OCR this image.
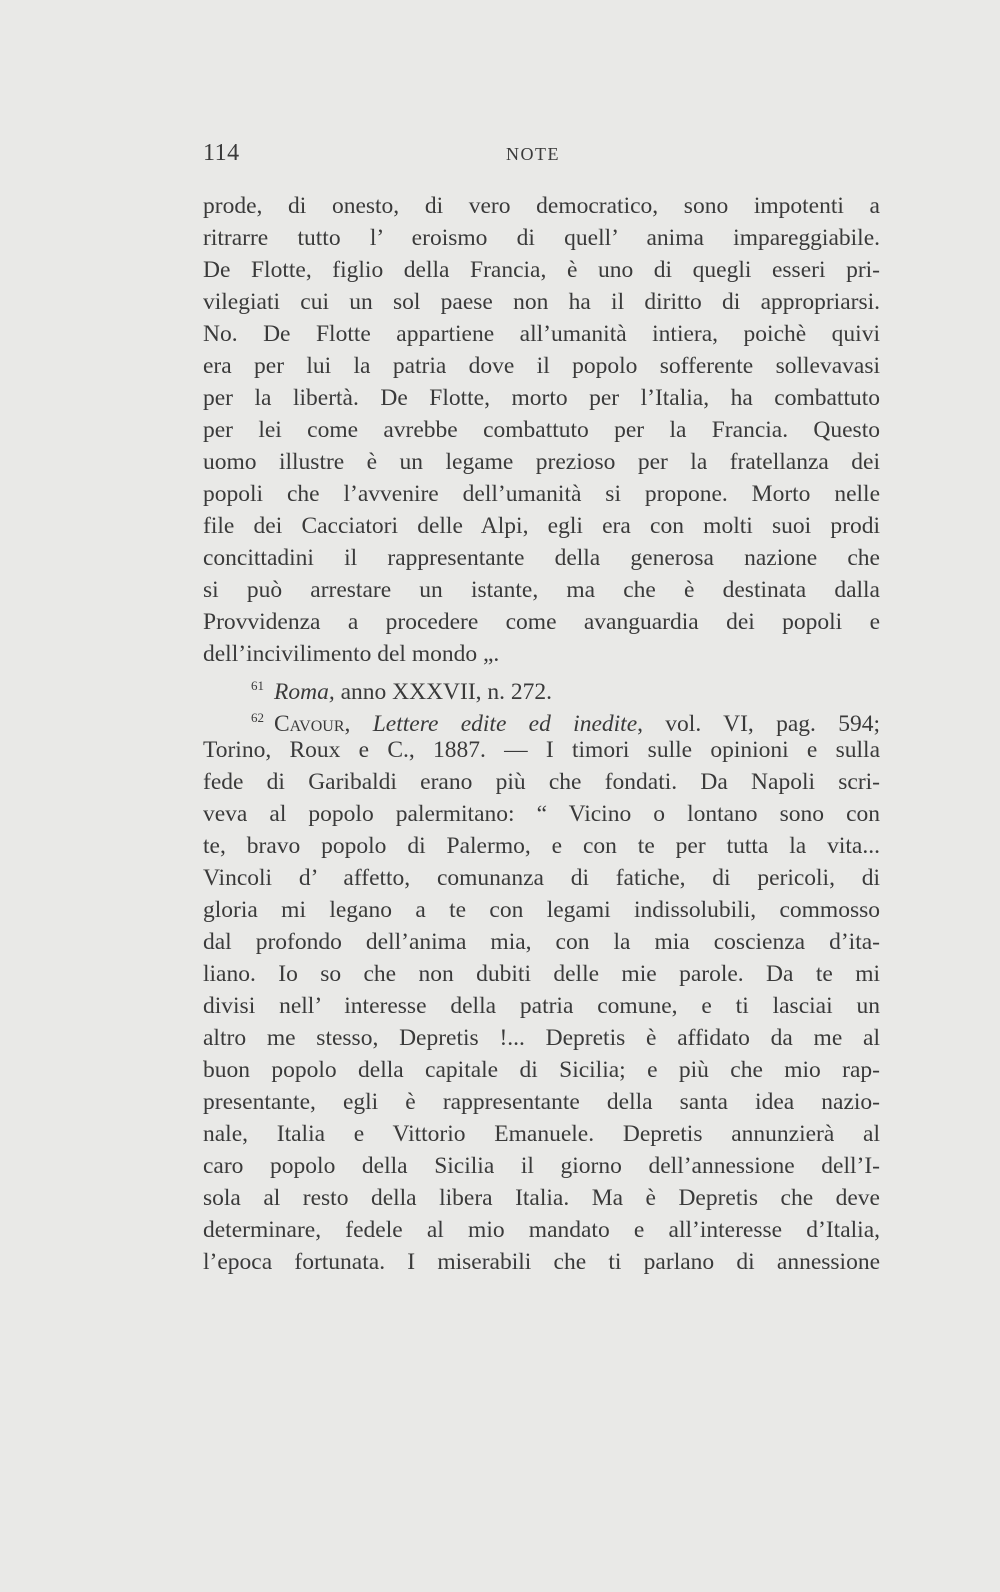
114	NOTE
prode, di onesto, di vero democratico, sono impotenti a
ritrarre tutto l’ eroismo di quell’ anima impareggiabile.
De Flotte, figlio della Francia, è uno di quegli esseri pri-
vilegiati cui un sol paese non ha il diritto di appropriarsi.
No. De Flotte appartiene all’umanità intiera, poichè quivi
era per lui la patria dove il popolo sofferente sollevavasi
per la libertà. De Flotte, morto per l’Italia, ha combattuto
per lei come avrebbe combattuto per la Francia. Questo
uomo illustre è un legame prezioso per la fratellanza dei
popoli che l’avvenire dell’umanità si propone. Morto nelle
file dei Cacciatori delle Alpi, egli era con molti suoi prodi
concittadini il rappresentante della generosa nazione che
si può arrestare un istante, ma che è destinata dalla
Provvidenza a procedere come avanguardia dei popoli e
dell’incivilimento del mondo „.
$^{61}$ Roma, anno XXXVII, n. 272.
$^{62}$ Cavour, Lettere edite ed inedite, vol. VI, pag. 594;
Torino, Roux e C., 1887. — I timori sulle opinioni e sulla
fede di Garibaldi erano più che fondati. Da Napoli scri-
veva al popolo palermitano: “ Vicino o lontano sono con
te, bravo popolo di Palermo, e con te per tutta la vita...
Vincoli d’ affetto, comunanza di fatiche, di pericoli, di
gloria mi legano a te con legami indissolubili, commosso
dal profondo dell’anima mia, con la mia coscienza d’ita-
liano. Io so che non dubiti delle mie parole. Da te mi
divisi nell’ interesse della patria comune, e ti lasciai un
altro me stesso, Depretis !... Depretis è affidato da me al
buon popolo della capitale di Sicilia; e più che mio rap-
presentante, egli è rappresentante della santa idea nazio-
nale, Italia e Vittorio Emanuele. Depretis annunzierà al
caro popolo della Sicilia il giorno dell’annessione dell’I-
sola al resto della libera Italia. Ma è Depretis che deve
determinare, fedele al mio mandato e all’interesse d’Italia,
l’epoca fortunata. I miserabili che ti parlano di annessione
